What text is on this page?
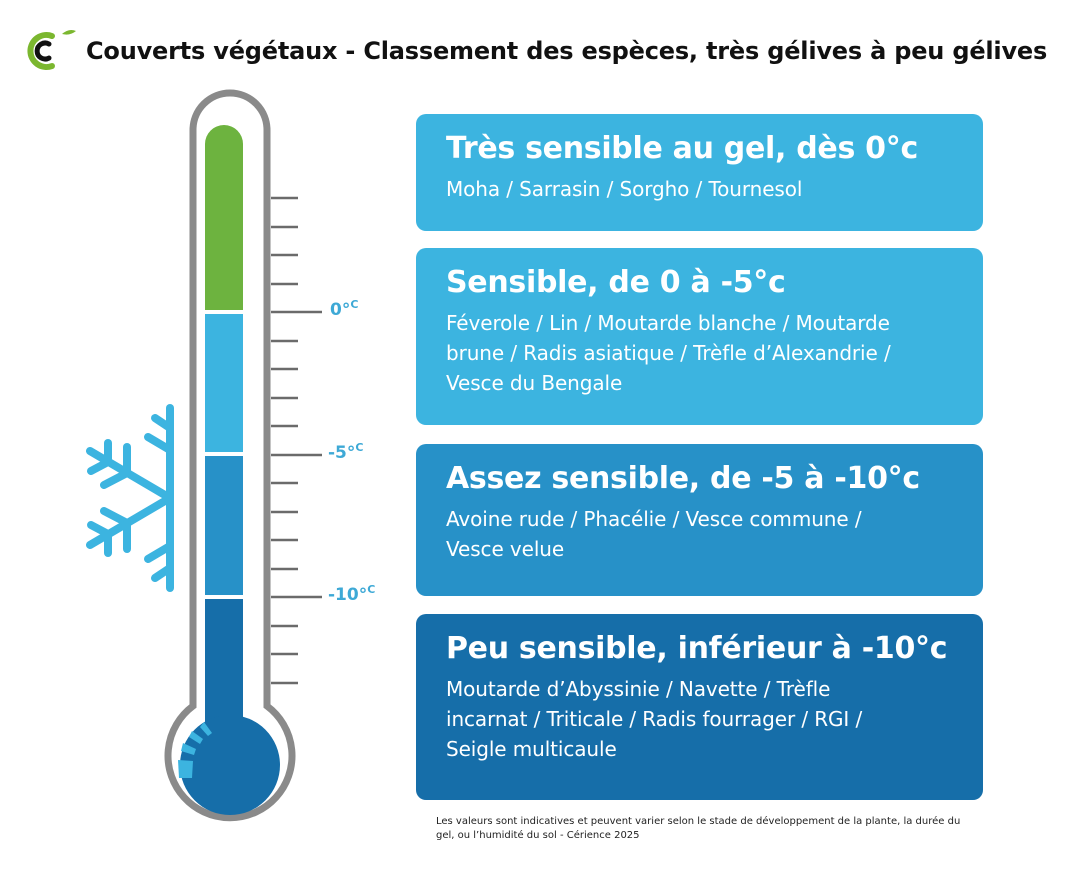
Couverts végétaux - Classement des espèces, très gélives à peu gélives
0°$^C$
-5°$^C$
-10°$^C$
Très sensible au gel, dès 0°c

Moha / Sarrasin / Sorgho / Tournesol

Sensible, de 0 à -5°c

Féverole / Lin / Moutarde blanche / Moutarde brune / Radis asiatique / Trèfle d’Alexandrie / Vesce du Bengale

Assez sensible, de -5 à -10°c

Avoine rude / Phacélie / Vesce commune / Vesce velue

Peu sensible, inférieur à -10°c

Moutarde d’Abyssinie / Navette / Trèfle incarnat / Triticale / Radis fourrager / RGI / Seigle multicaule

Les valeurs sont indicatives et peuvent varier selon le stade de développement de la plante, la durée du gel, ou l’humidité du sol - Cérience 2025
